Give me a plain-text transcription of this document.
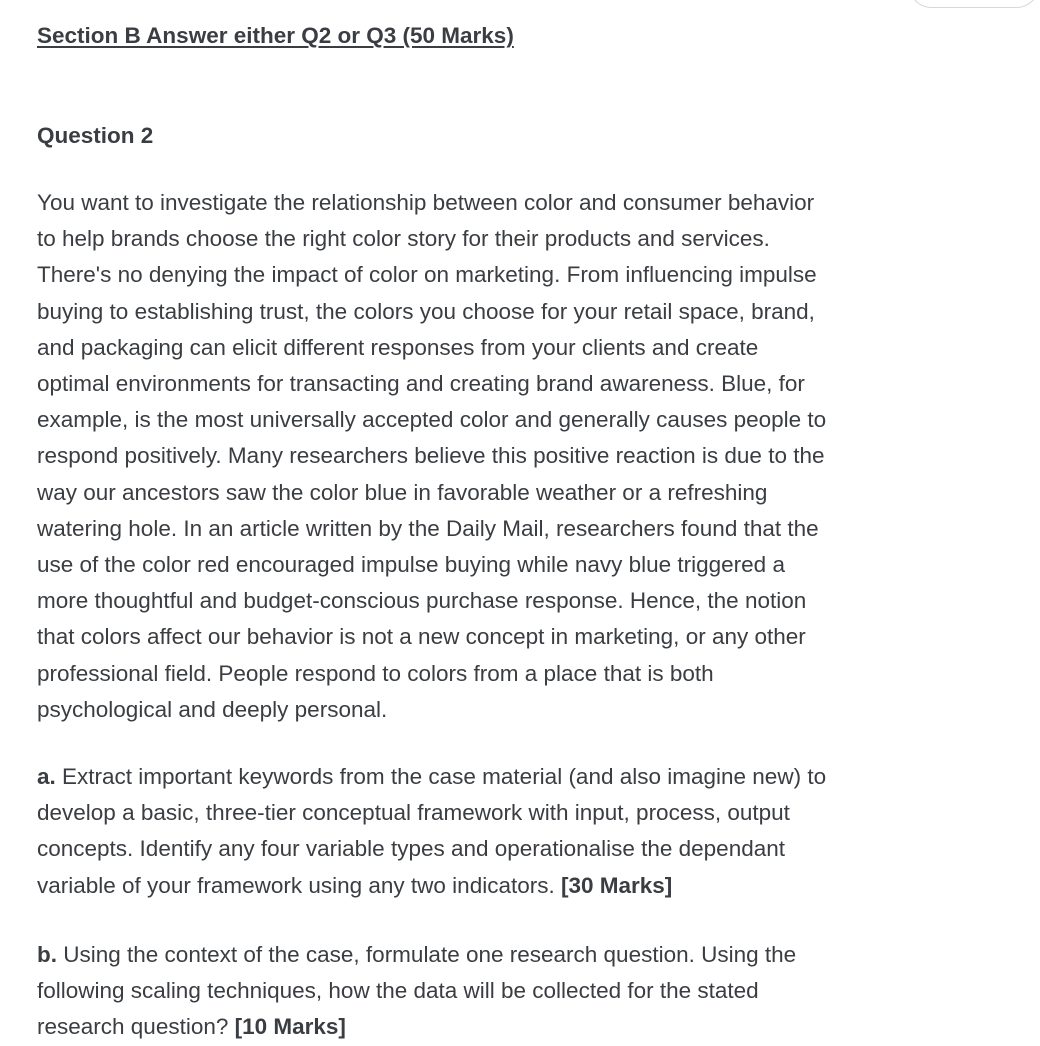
Section B Answer either Q2 or Q3 (50 Marks)
Question 2

You want to investigate the relationship between color and consumer behavior
to help brands choose the right color story for their products and services.
There's no denying the impact of color on marketing. From influencing impulse
buying to establishing trust, the colors you choose for your retail space, brand,
and packaging can elicit different responses from your clients and create
optimal environments for transacting and creating brand awareness. Blue, for
example, is the most universally accepted color and generally causes people to
respond positively. Many researchers believe this positive reaction is due to the
way our ancestors saw the color blue in favorable weather or a refreshing
watering hole. In an article written by the Daily Mail, researchers found that the
use of the color red encouraged impulse buying while navy blue triggered a
more thoughtful and budget-conscious purchase response. Hence, the notion
that colors affect our behavior is not a new concept in marketing, or any other
professional field. People respond to colors from a place that is both
psychological and deeply personal.

a. Extract important keywords from the case material (and also imagine new) to
develop a basic, three-tier conceptual framework with input, process, output
concepts. Identify any four variable types and operationalise the dependant
variable of your framework using any two indicators. [30 Marks]

b. Using the context of the case, formulate one research question. Using the
following scaling techniques, how the data will be collected for the stated
research question? [10 Marks]
